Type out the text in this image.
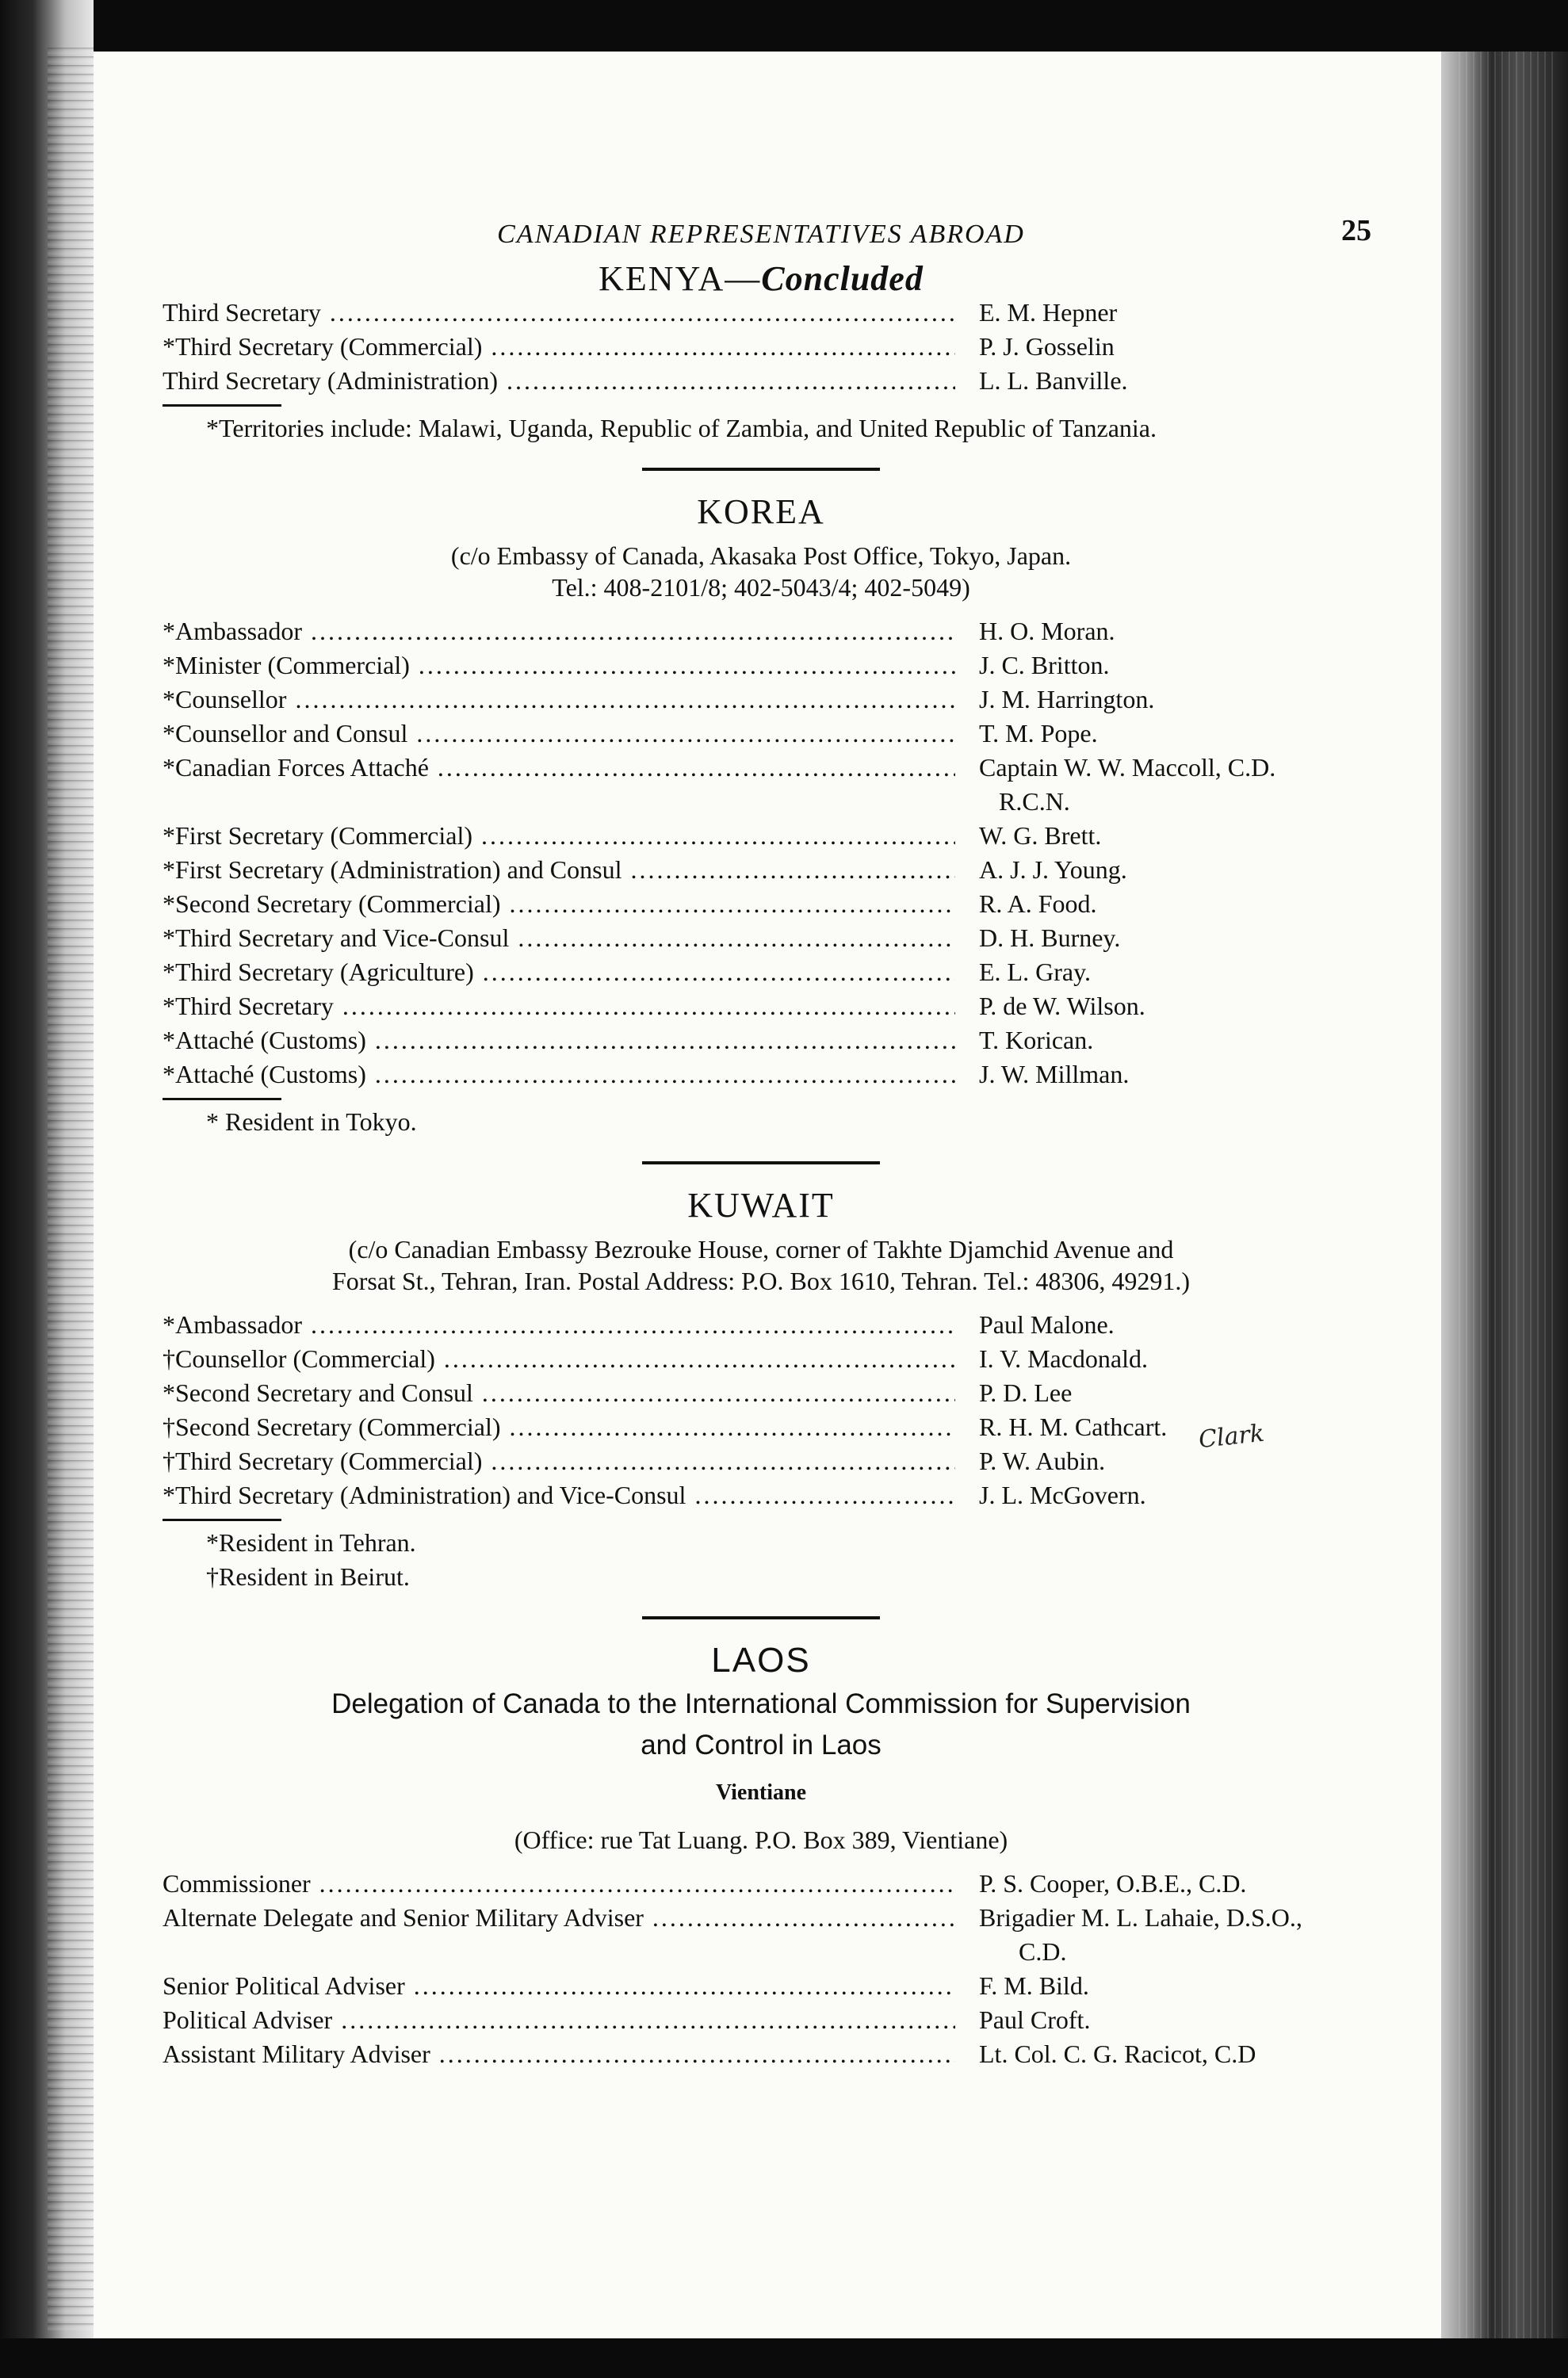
CANADIAN REPRESENTATIVES ABROAD	25
KENYA—Concluded
Third Secretary .....	E. M. Hepner
*Third Secretary (Commercial) .....	P. J. Gosselin
Third Secretary (Administration) .....	L. L. Banville.
*Territories include: Malawi, Uganda, Republic of Zambia, and United Republic of Tanzania.
KOREA
(c/o Embassy of Canada, Akasaka Post Office, Tokyo, Japan.
Tel.: 408-2101/8; 402-5043/4; 402-5049)
*Ambassador .....	H. O. Moran.
*Minister (Commercial) .....	J. C. Britton.
*Counsellor .....	J. M. Harrington.
*Counsellor and Consul .....	T. M. Pope.
*Canadian Forces Attaché .....	Captain W. W. Maccoll, C.D.
R.C.N.
*First Secretary (Commercial) .....	W. G. Brett.
*First Secretary (Administration) and Consul .....	A. J. J. Young.
*Second Secretary (Commercial) .....	R. A. Food.
*Third Secretary and Vice-Consul .....	D. H. Burney.
*Third Secretary (Agriculture) .....	E. L. Gray.
*Third Secretary .....	P. de W. Wilson.
*Attaché (Customs) .....	T. Korican.
*Attaché (Customs) .....	J. W. Millman.
* Resident in Tokyo.
KUWAIT
(c/o Canadian Embassy Bezrouke House, corner of Takhte Djamchid Avenue and
Forsat St., Tehran, Iran. Postal Address: P.O. Box 1610, Tehran. Tel.: 48306, 49291.)
*Ambassador .....	Paul Malone.
†Counsellor (Commercial) .....	I. V. Macdonald.
*Second Secretary and Consul .....	P. D. Lee
†Second Secretary (Commercial) .....	R. H. M. Cathcart.
†Third Secretary (Commercial) .....	P. W. Aubin.
*Third Secretary (Administration) and Vice-Consul .....	J. L. McGovern.
*Resident in Tehran.
†Resident in Beirut.
LAOS
Delegation of Canada to the International Commission for Supervision
and Control in Laos
Vientiane
(Office: rue Tat Luang. P.O. Box 389, Vientiane)
Commissioner .....	P. S. Cooper, O.B.E., C.D.
Alternate Delegate and Senior Military Adviser .....	Brigadier M. L. Lahaie, D.S.O.,
C.D.
Senior Political Adviser .....	F. M. Bild.
Political Adviser .....	Paul Croft.
Assistant Military Adviser .....	Lt. Col. C. G. Racicot, C.D
Clark
